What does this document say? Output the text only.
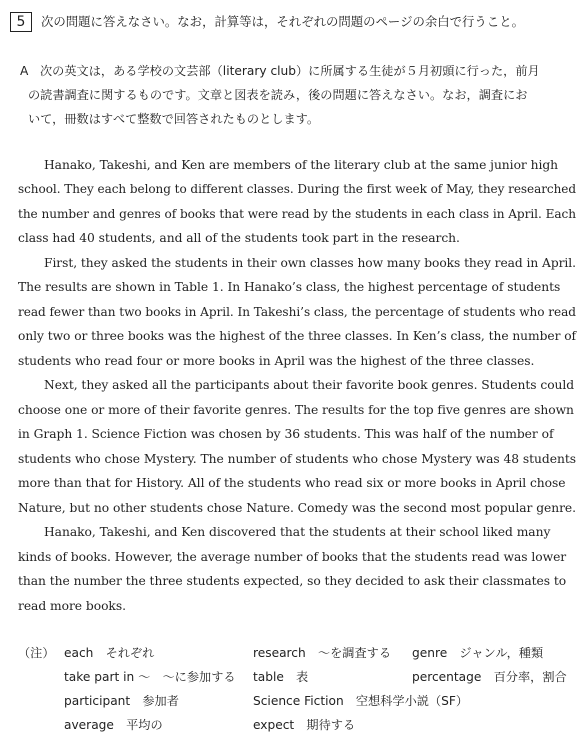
5	次の問題に答えなさい。なお，計算等は，それぞれの問題のページの余白で行うこと。
A 次の英文は，ある学校の文芸部（literary club）に所属する生徒が５月初頭に行った，前月
の読書調査に関するものです。文章と図表を読み，後の問題に答えなさい。なお，調査にお
いて，冊数はすべて整数で回答されたものとします。
Hanako, Takeshi, and Ken are members of the literary club at the same junior high
school. They each belong to different classes. During the first week of May, they researched
the number and genres of books that were read by the students in each class in April. Each
class had 40 students, and all of the students took part in the research.
First, they asked the students in their own classes how many books they read in April.
The results are shown in Table 1. In Hanako’s class, the highest percentage of students
read fewer than two books in April. In Takeshi’s class, the percentage of students who read
only two or three books was the highest of the three classes. In Ken’s class, the number of
students who read four or more books in April was the highest of the three classes.
Next, they asked all the participants about their favorite book genres. Students could
choose one or more of their favorite genres. The results for the top five genres are shown
in Graph 1. Science Fiction was chosen by 36 students. This was half of the number of
students who chose Mystery. The number of students who chose Mystery was 48 students
more than that for History. All of the students who read six or more books in April chose
Nature, but no other students chose Nature. Comedy was the second most popular genre.
Hanako, Takeshi, and Ken discovered that the students at their school liked many
kinds of books. However, the average number of books that the students read was lower
than the number the three students expected, so they decided to ask their classmates to
read more books.
（注） each　それぞれ	research　～を調査する genre　ジャンル，種類
take part in ～　～に参加する table　表	percentage　百分率，割合
participant　参加者	Science Fiction　空想科学小説（SF）
average　平均の	expect　期待する
